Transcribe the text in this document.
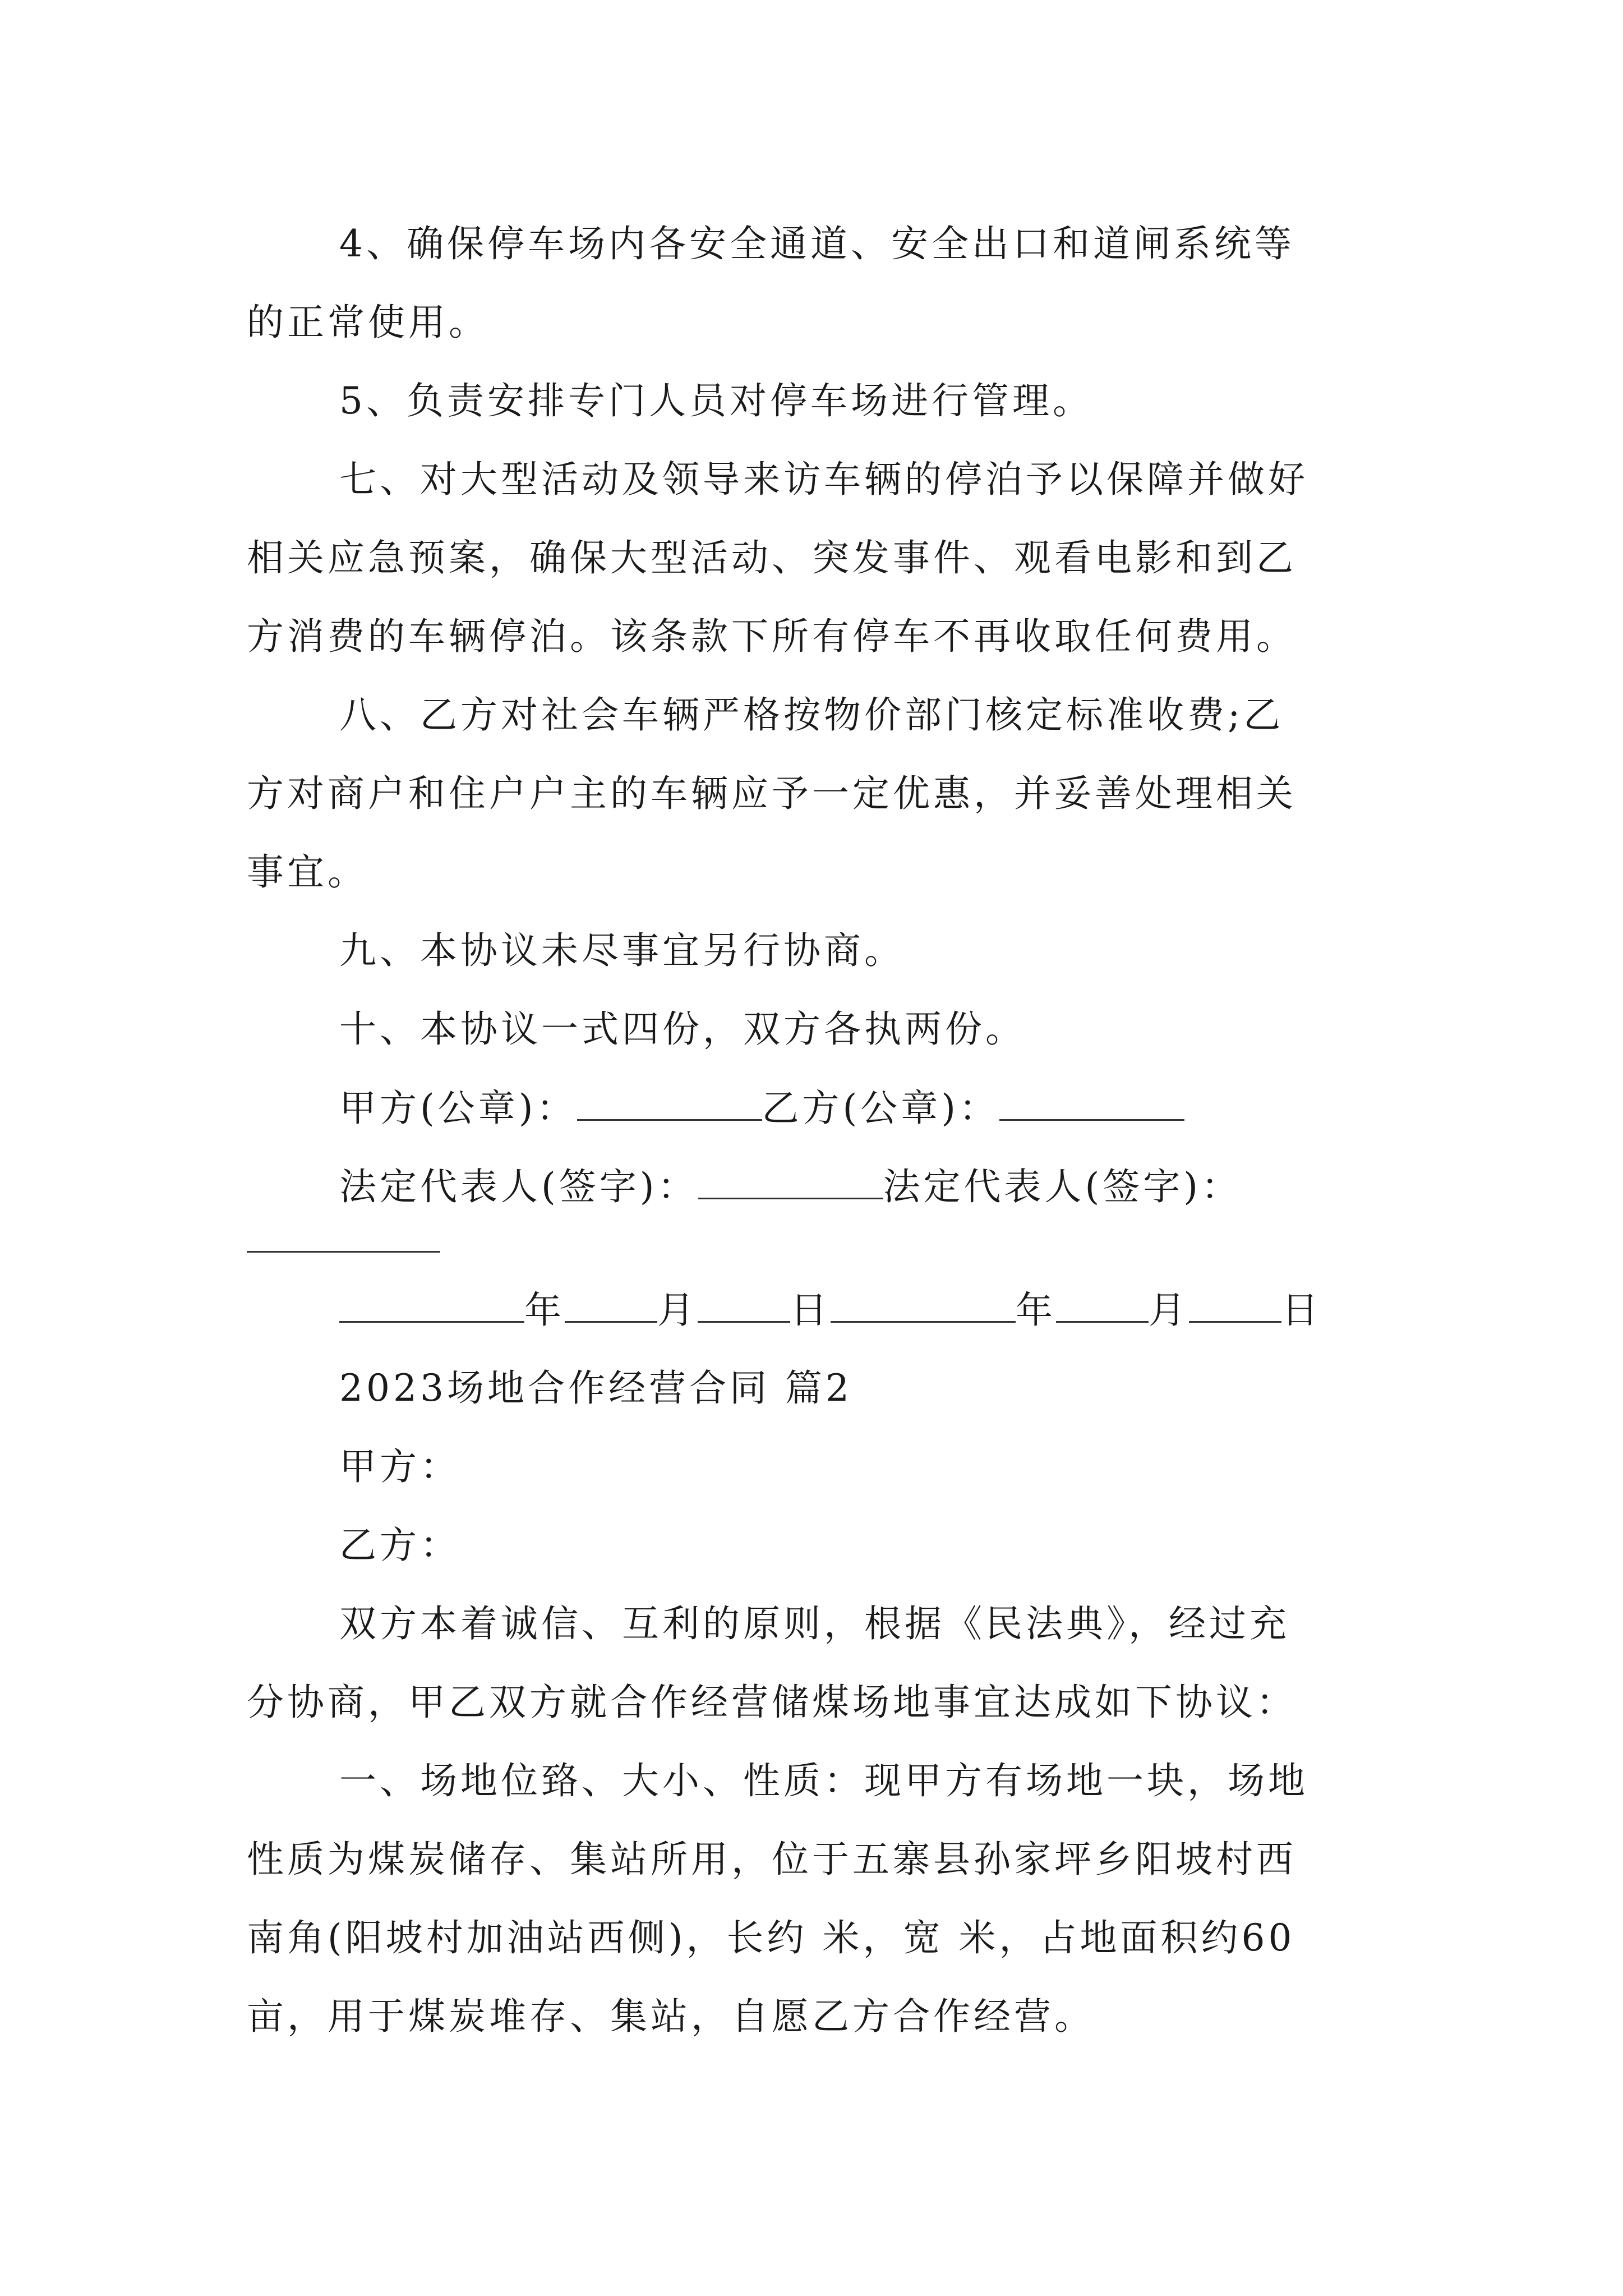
4、确保停车场内各安全通道、安全出口和道闸系统等
的正常使用。
5、负责安排专门人员对停车场进行管理。
七、对大型活动及领导来访车辆的停泊予以保障并做好
相关应急预案，确保大型活动、突发事件、观看电影和到乙
方消费的车辆停泊。该条款下所有停车不再收取任何费用。
八、乙方对社会车辆严格按物价部门核定标准收费;乙
方对商户和住户户主的车辆应予一定优惠，并妥善处理相关
事宜。
九、本协议未尽事宜另行协商。
十、本协议一式四份，双方各执两份。
甲方(公章)：	乙方(公章)：
法定代表人(签字)：	法定代表人(签字)：
年	月	日	年	月	日
2023场地合作经营合同 篇2
甲方：
乙方：
双方本着诚信、互利的原则，根据《民法典》，经过充
分协商，甲乙双方就合作经营储煤场地事宜达成如下协议：
一、场地位臵、大小、性质：现甲方有场地一块，场地
性质为煤炭储存、集站所用，位于五寨县孙家坪乡阳坡村西
南角(阳坡村加油站西侧)，长约 米，宽 米，占地面积约60
亩，用于煤炭堆存、集站，自愿乙方合作经营。
